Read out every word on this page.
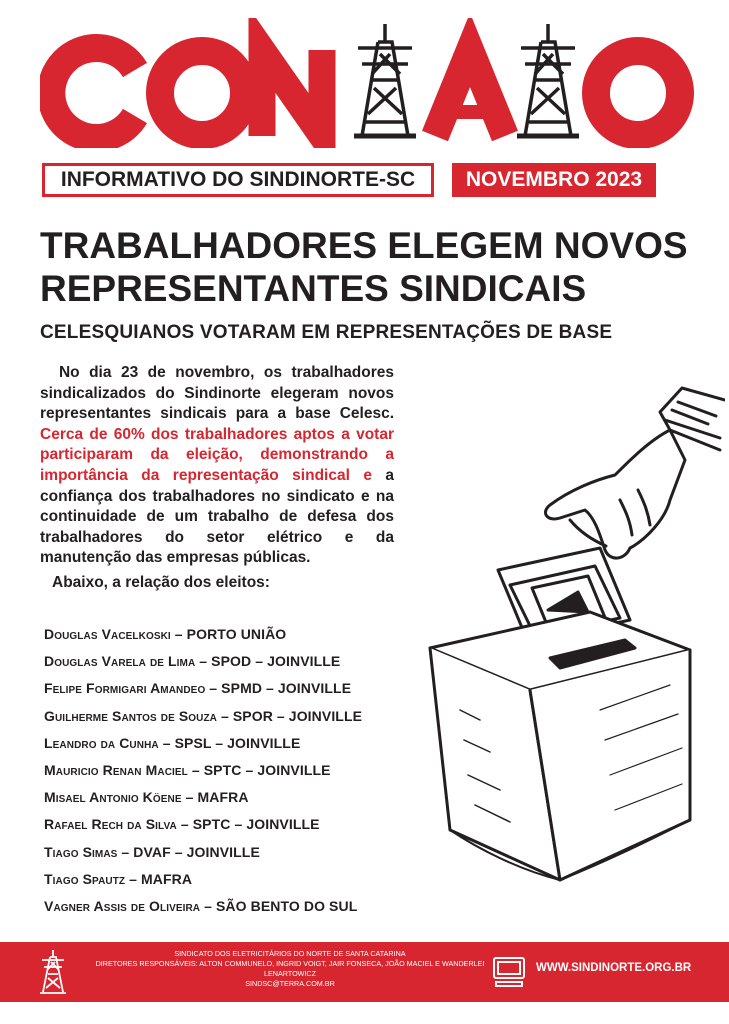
INFORMATIVO DO SINDINORTE-SC NOVEMBRO 2023
TRABALHADORES ELEGEM NOVOS REPRESENTANTES SINDICAIS
CELESQUIANOS VOTARAM EM REPRESENTAÇÕES DE BASE

No dia 23 de novembro, os trabalhadores sindicalizados do Sindinorte elegeram novos representantes sindicais para a base Celesc. Cerca de 60% dos trabalhadores aptos a votar participaram da eleição, demonstrando a importância da representação sindical e a confiança dos trabalhadores no sindicato e na continuidade de um trabalho de defesa dos trabalhadores do setor elétrico e da manutenção das empresas públicas.

Abaixo, a relação dos eleitos:

Douglas Vacelkoski – PORTO UNIÃO
Douglas Varela de Lima – SPOD – JOINVILLE
Felipe Formigari Amandeo – SPMD – JOINVILLE
Guilherme Santos de Souza – SPOR – JOINVILLE
Leandro da Cunha – SPSL – JOINVILLE
Mauricio Renan Maciel – SPTC – JOINVILLE
Misael Antonio Köene – MAFRA
Rafael Rech da Silva – SPTC – JOINVILLE
Tiago Simas – DVAF – JOINVILLE
Tiago Spautz – MAFRA
Vagner Assis de Oliveira – SÃO BENTO DO SUL
SINDICATO DOS ELETRICITÁRIOS DO NORTE DE SANTA CATARINA
DIRETORES RESPONSÁVEIS: ALTON COMMUNELO, INGRID VOIGT, JAIR FONSECA, JOÃO MACIEL E WANDERLEI LENARTOWICZ
SINDSC@TERRA.COM.BR
WWW.SINDINORTE.ORG.BR
